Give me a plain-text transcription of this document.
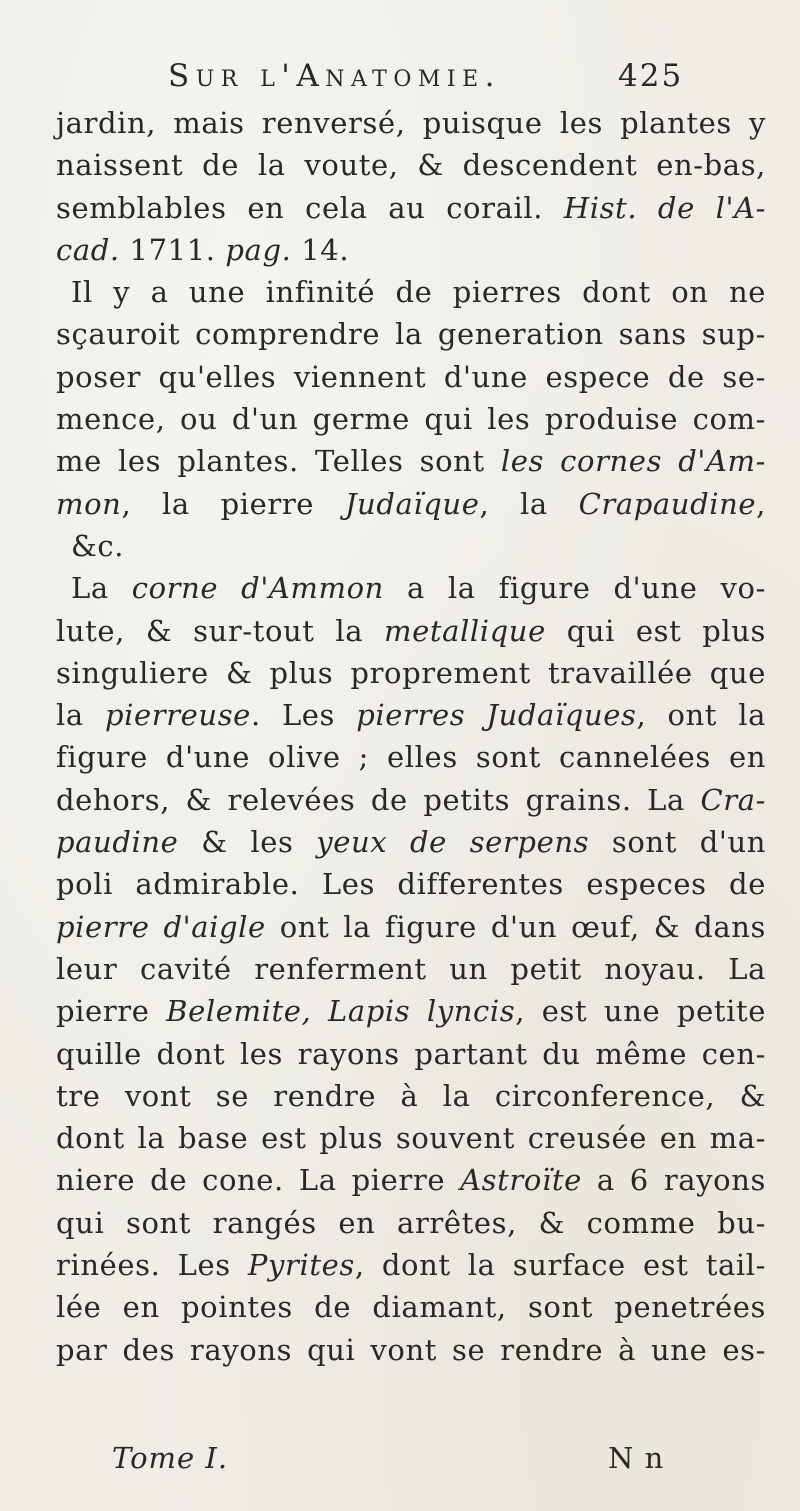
Sur l'Anatomie.	425
jardin, mais renversé, puisque les plantes y
naissent de la voute, & descendent en-bas,
semblables en cela au corail. Hist. de l'A-
cad. 1711. pag. 14.
Il y a une infinité de pierres dont on ne
sçauroit comprendre la generation sans sup-
poser qu'elles viennent d'une espece de se-
mence, ou d'un germe qui les produise com-
me les plantes. Telles sont les cornes d'Am-
mon, la pierre Judaïque, la Crapaudine,
&c.
La corne d'Ammon a la figure d'une vo-
lute, & sur-tout la metallique qui est plus
singuliere & plus proprement travaillée que
la pierreuse. Les pierres Judaïques, ont la
figure d'une olive ; elles sont cannelées en
dehors, & relevées de petits grains. La Cra-
paudine & les yeux de serpens sont d'un
poli admirable. Les differentes especes de
pierre d'aigle ont la figure d'un œuf, & dans
leur cavité renferment un petit noyau. La
pierre Belemite, Lapis lyncis, est une petite
quille dont les rayons partant du même cen-
tre vont se rendre à la circonference, &
dont la base est plus souvent creusée en ma-
niere de cone. La pierre Astroïte a 6 rayons
qui sont rangés en arrêtes, & comme bu-
rinées. Les Pyrites, dont la surface est tail-
lée en pointes de diamant, sont penetrées
par des rayons qui vont se rendre à une es-
Tome I.	N n
